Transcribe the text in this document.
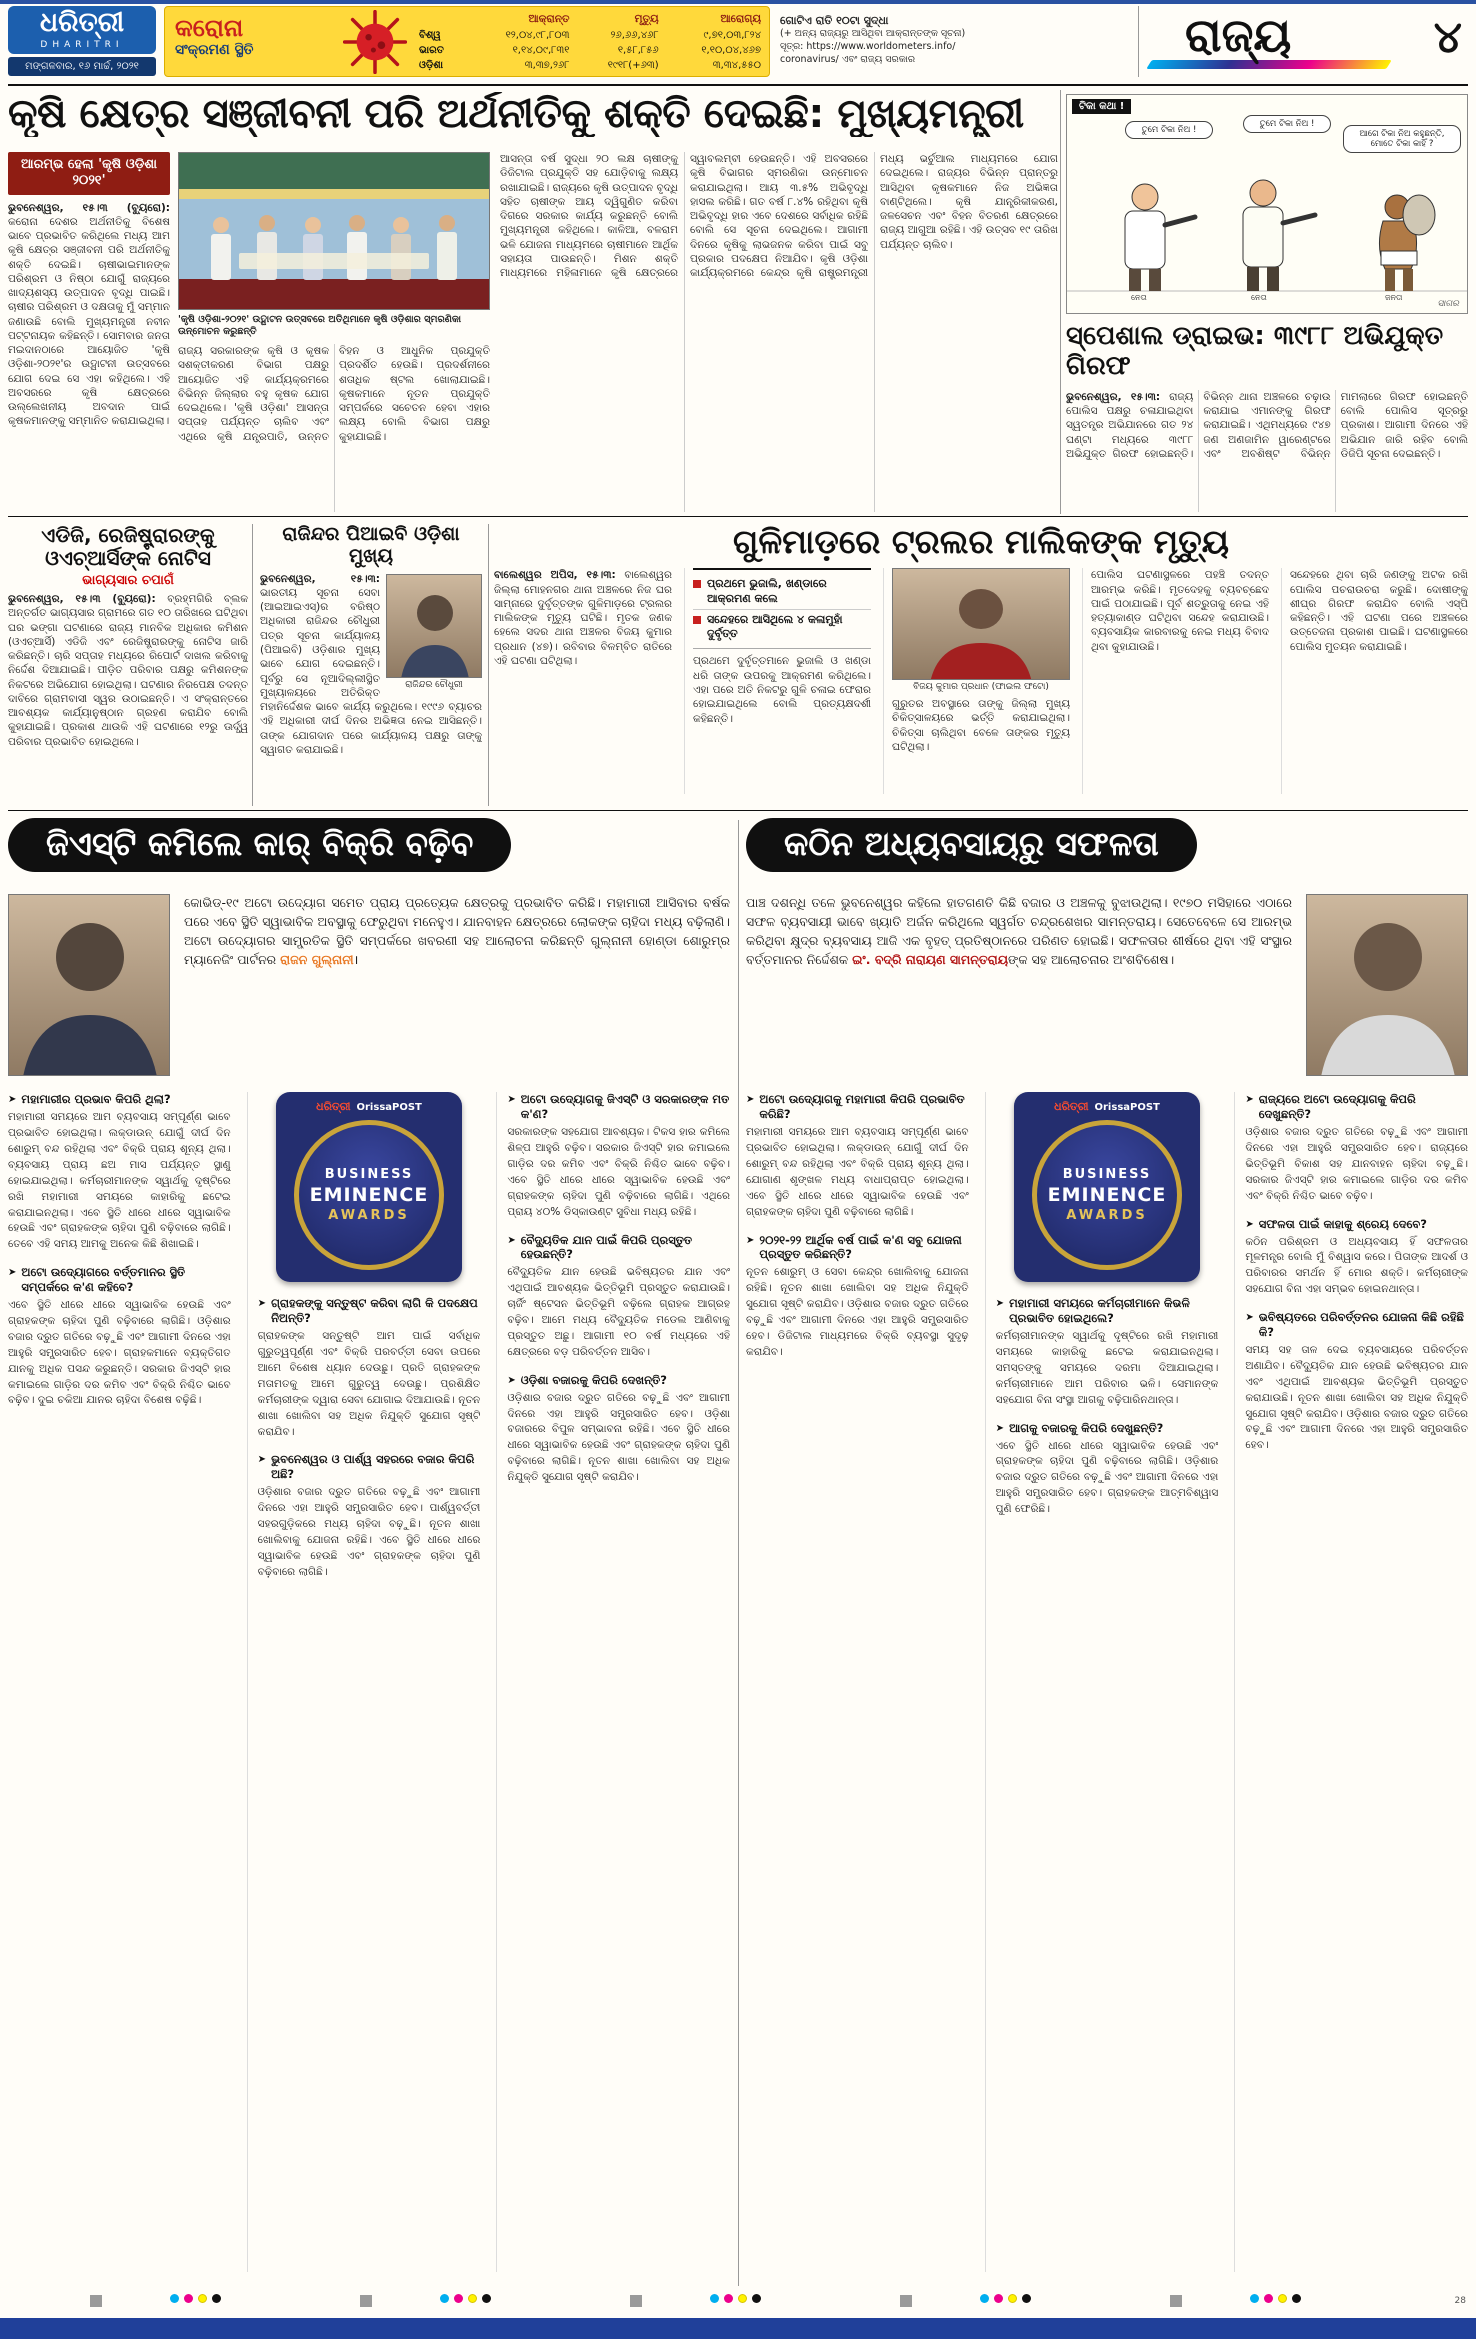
ଧରିତ୍ରୀ
DHARITRI
ମଙ୍ଗଳବାର, ୧୬ ମାର୍ଚ୍ଚ, ୨୦୨୧
କରୋନା
ସଂକ୍ରମଣ ସ୍ଥିତି
	ଆକ୍ରାନ୍ତ	ମୃତ୍ୟୁ	ଆରୋଗ୍ୟ
ବିଶ୍ୱ	୧୨,୦୪,୯୮,୮୦୩	୨୬,୬୬,୪୬୮	୯,୭୧,୦୩,୮୨୪
ଭାରତ	୧,୧୪,୦୯,୮୩୧	୧,୫୮,୮୫୬	୧,୧୦,୦୪,୪୬୭
ଓଡ଼ିଶା	୩,୩୭,୨୬୮	୧୯୧୮(+୬୩)	୩,୩୪,୫୫୦
ଗୋଟିଏ ରାତି ୧୦ଟା ସୁଦ୍ଧା
(+ ଅନ୍ୟ ରାଜ୍ୟରୁ ଆସିଥିବା ଆକ୍ରାନ୍ତଙ୍କ ସୂଚନା)
ସୂତ୍ର: https://www.worldometers.info/
coronavirus/ ଏବଂ ରାଜ୍ୟ ସରକାର	ରାଜ୍ୟ	୪
କୃଷି କ୍ଷେତ୍ର ସଞ୍ଜୀବନୀ ପରି ଅର୍ଥନୀତିକୁ ଶକ୍ତି ଦେଇଛି: ମୁଖ୍ୟମନ୍ତ୍ରୀ
ଆରମ୍ଭ ହେଲା 'କୃଷି ଓଡ଼ିଶା ୨୦୨୧'

ଭୁବନେଶ୍ୱର, ୧୫।୩ (ବ୍ୟୁରୋ): କରୋନା ଦେଶର ଅର୍ଥନୀତିକୁ ବିଶେଷ ଭାବେ ପ୍ରଭାବିତ କରିଥିଲେ ମଧ୍ୟ ଆମ କୃଷି କ୍ଷେତ୍ର ସଞ୍ଜୀବନୀ ପରି ଅର୍ଥନୀତିକୁ ଶକ୍ତି ଦେଇଛି। ଚାଷୀଭାଇମାନଙ୍କ ପରିଶ୍ରମ ଓ ନିଷ୍ଠା ଯୋଗୁଁ ରାଜ୍ୟରେ ଖାଦ୍ୟଶସ୍ୟ ଉତ୍ପାଦନ ବୃଦ୍ଧି ପାଇଛି। ଚାଷୀର ପରିଶ୍ରମ ଓ ଦକ୍ଷତାକୁ ମୁଁ ସମ୍ମାନ ଜଣାଉଛି ବୋଲି ମୁଖ୍ୟମନ୍ତ୍ରୀ ନବୀନ ପଟ୍ଟନାୟକ କହିଛନ୍ତି। ସୋମବାର ଜନତା ମଇଦାନଠାରେ ଆୟୋଜିତ 'କୃଷି ଓଡ଼ିଶା-୨୦୨୧'ର ଉଦ୍ଘାଟନୀ ଉତ୍ସବରେ ଯୋଗ ଦେଇ ସେ ଏହା କହିଥିଲେ। ଏହି ଅବସରରେ କୃଷି କ୍ଷେତ୍ରରେ ଉଲ୍ଲେଖନୀୟ ଅବଦାନ ପାଇଁ କୃଷକମାନଙ୍କୁ ସମ୍ମାନିତ କରାଯାଇଥିଲା।

'କୃଷି ଓଡ଼ିଶା-୨୦୨୧' ଉଦ୍ଘାଟନ ଉତ୍ସବରେ ଅତିଥିମାନେ କୃଷି ଓଡ଼ିଶାର ସ୍ମରଣିକା ଉନ୍ମୋଚନ କରୁଛନ୍ତି
ରାଜ୍ୟ ସରକାରଙ୍କ କୃଷି ଓ କୃଷକ ସଶକ୍ତୀକରଣ ବିଭାଗ ପକ୍ଷରୁ ଆୟୋଜିତ ଏହି କାର୍ଯ୍ୟକ୍ରମରେ ବିଭିନ୍ନ ଜିଲ୍ଲାର ବହୁ କୃଷକ ଯୋଗ ଦେଇଥିଲେ। 'କୃଷି ଓଡ଼ିଶା' ଆସନ୍ତା ସପ୍ତାହ ପର୍ଯ୍ୟନ୍ତ ଚାଲିବ ଏବଂ ଏଥିରେ କୃଷି ଯନ୍ତ୍ରପାତି, ଉନ୍ନତ ବିହନ ଓ ଆଧୁନିକ ପ୍ରଯୁକ୍ତି ପ୍ରଦର୍ଶିତ ହେଉଛି। ପ୍ରଦର୍ଶନୀରେ ଶତାଧିକ ଷ୍ଟଲ ଖୋଲାଯାଇଛି। କୃଷକମାନେ ନୂତନ ପ୍ରଯୁକ୍ତି ସମ୍ପର୍କରେ ସଚେତନ ହେବା ଏହାର ଲକ୍ଷ୍ୟ ବୋଲି ବିଭାଗ ପକ୍ଷରୁ କୁହାଯାଇଛି।
ଆସନ୍ତା ବର୍ଷ ସୁଦ୍ଧା ୨୦ ଲକ୍ଷ ଚାଷୀଙ୍କୁ ଡିଜିଟାଲ ପ୍ରଯୁକ୍ତି ସହ ଯୋଡ଼ିବାକୁ ଲକ୍ଷ୍ୟ ରଖାଯାଇଛି। ରାଜ୍ୟରେ କୃଷି ଉତ୍ପାଦନ ବୃଦ୍ଧି ସହିତ ଚାଷୀଙ୍କ ଆୟ ଦ୍ୱିଗୁଣିତ କରିବା ଦିଗରେ ସରକାର କାର୍ଯ୍ୟ କରୁଛନ୍ତି ବୋଲି ମୁଖ୍ୟମନ୍ତ୍ରୀ କହିଥିଲେ। କାଳିଆ, ବଳରାମ ଭଳି ଯୋଜନା ମାଧ୍ୟମରେ ଚାଷୀମାନେ ଆର୍ଥିକ ସହାୟତା ପାଉଛନ୍ତି। ମିଶନ ଶକ୍ତି ମାଧ୍ୟମରେ ମହିଳାମାନେ କୃଷି କ୍ଷେତ୍ରରେ ସ୍ୱାବଲମ୍ବୀ ହେଉଛନ୍ତି। ଏହି ଅବସରରେ କୃଷି ବିଭାଗର ସ୍ମରଣିକା ଉନ୍ମୋଚନ କରାଯାଇଥିଲା। ଆୟ ୩.୫% ଅଭିବୃଦ୍ଧି ହାସଲ କରିଛି। ଗତ ବର୍ଷ ୮.୪% ରହିଥିବା କୃଷି ଅଭିବୃଦ୍ଧି ହାର ଏବେ ଦେଶରେ ସର୍ବାଧିକ ରହିଛି ବୋଲି ସେ ସୂଚନା ଦେଇଥିଲେ। ଆଗାମୀ ଦିନରେ କୃଷିକୁ ଲାଭଜନକ କରିବା ପାଇଁ ସବୁ ପ୍ରକାର ପଦକ୍ଷେପ ନିଆଯିବ। କୃଷି ଓଡ଼ିଶା କାର୍ଯ୍ୟକ୍ରମରେ କେନ୍ଦ୍ର କୃଷି ରାଷ୍ଟ୍ରମନ୍ତ୍ରୀ ମଧ୍ୟ ଭର୍ଚୁଆଲ ମାଧ୍ୟମରେ ଯୋଗ ଦେଇଥିଲେ। ରାଜ୍ୟର ବିଭିନ୍ନ ପ୍ରାନ୍ତରୁ ଆସିଥିବା କୃଷକମାନେ ନିଜ ଅଭିଜ୍ଞତା ବାଣ୍ଟିଥିଲେ। କୃଷି ଯାନ୍ତ୍ରିକୀକରଣ, ଜଳସେଚନ ଏବଂ ବିହନ ବିତରଣ କ୍ଷେତ୍ରରେ ରାଜ୍ୟ ଆଗୁଆ ରହିଛି। ଏହି ଉତ୍ସବ ୧୯ ତାରିଖ ପର୍ଯ୍ୟନ୍ତ ଚାଲିବ।
ଟିକା କଥା !
ତୁମେ ଟିକା ନିଅ !
ତୁମେ ଟିକା ନିଅ !
ଆଗେ ଟିକା ନିଅ କହୁଛନ୍ତି, ମୋତେ ଟିକା କାହିଁ ?
ନେତା	ନେତା	ଜନତା
ସାଗର
ସ୍ପେଶାଲ ଡ୍ରାଇଭ: ୩୯୮୮ ଅଭିଯୁକ୍ତ ଗିରଫ
ଭୁବନେଶ୍ୱର, ୧୫।୩: ରାଜ୍ୟ ପୋଲିସ ପକ୍ଷରୁ ଚଳାଯାଇଥିବା ସ୍ୱତନ୍ତ୍ର ଅଭିଯାନରେ ଗତ ୨୪ ଘଣ୍ଟା ମଧ୍ୟରେ ୩୯୮୮ ଅଭିଯୁକ୍ତ ଗିରଫ ହୋଇଛନ୍ତି। ବିଭିନ୍ନ ଥାନା ଅଞ୍ଚଳରେ ଚଢ଼ାଉ କରାଯାଇ ଏମାନଙ୍କୁ ଗିରଫ କରାଯାଇଛି। ଏଥିମଧ୍ୟରେ ୯୪୭ ଜଣ ଅଣଜାମିନ ୱାରେଣ୍ଟରେ ଏବଂ ଅବଶିଷ୍ଟ ବିଭିନ୍ନ ମାମଲାରେ ଗିରଫ ହୋଇଛନ୍ତି ବୋଲି ପୋଲିସ ସୂତ୍ରରୁ ପ୍ରକାଶ। ଆଗାମୀ ଦିନରେ ଏହି ଅଭିଯାନ ଜାରି ରହିବ ବୋଲି ଡିଜିପି ସୂଚନା ଦେଇଛନ୍ତି।
ଏଡିଜି, ରେଜିଷ୍ଟ୍ରାରଙ୍କୁ ଓଏଚ୍ଆର୍ସିଙ୍କ ନୋଟିସ
ଭାଗ୍ୟସାର ଚପାଗଁ

ଭୁବନେଶ୍ୱର, ୧୫।୩ (ବ୍ୟୁରୋ): ବ୍ରହ୍ମଗିରି ବ୍ଲକ ଅନ୍ତର୍ଗତ ଭାଗ୍ୟସାର ଗ୍ରାମରେ ଗତ ୧୦ ତାରିଖରେ ଘଟିଥିବା ଘର ଭଙ୍ଗା ଘଟଣାରେ ରାଜ୍ୟ ମାନବିକ ଅଧିକାର କମିଶନ (ଓଏଚ୍ଆର୍ସି) ଏଡିଜି ଏବଂ ରେଜିଷ୍ଟ୍ରାରଙ୍କୁ ନୋଟିସ ଜାରି କରିଛନ୍ତି। ଚାରି ସପ୍ତାହ ମଧ୍ୟରେ ରିପୋର୍ଟ ଦାଖଲ କରିବାକୁ ନିର୍ଦ୍ଦେଶ ଦିଆଯାଇଛି। ପୀଡ଼ିତ ପରିବାର ପକ୍ଷରୁ କମିଶନଙ୍କ ନିକଟରେ ଅଭିଯୋଗ ହୋଇଥିଲା। ଘଟଣାର ନିରପେକ୍ଷ ତଦନ୍ତ ଦାବିରେ ଗ୍ରାମବାସୀ ସ୍ୱର ଉଠାଇଛନ୍ତି। ଏ ସଂକ୍ରାନ୍ତରେ ଆବଶ୍ୟକ କାର୍ଯ୍ୟାନୁଷ୍ଠାନ ଗ୍ରହଣ କରାଯିବ ବୋଲି କୁହାଯାଇଛି। ପ୍ରକାଶ ଥାଉକି ଏହି ଘଟଣାରେ ୧୨ରୁ ଊର୍ଦ୍ଧ୍ୱ ପରିବାର ପ୍ରଭାବିତ ହୋଇଥିଲେ।

ରାଜିନ୍ଦର ପିଆଇବି ଓଡ଼ିଶା ମୁଖ୍ୟ
ରାଜିନ୍ଦର ଚୌଧୁରୀ

ଭୁବନେଶ୍ୱର, ୧୫।୩: ଭାରତୀୟ ସୂଚନା ସେବା (ଆଇଆଇଏସ୍)ର ବରିଷ୍ଠ ଅଧିକାରୀ ରାଜିନ୍ଦର ଚୌଧୁରୀ ପତ୍ର ସୂଚନା କାର୍ଯ୍ୟାଳୟ (ପିଆଇବି) ଓଡ଼ିଶାର ମୁଖ୍ୟ ଭାବେ ଯୋଗ ଦେଇଛନ୍ତି। ପୂର୍ବରୁ ସେ ନୂଆଦିଲ୍ଲୀସ୍ଥିତ ମୁଖ୍ୟାଳୟରେ ଅତିରିକ୍ତ ମହାନିର୍ଦ୍ଦେଶକ ଭାବେ କାର୍ଯ୍ୟ କରୁଥିଲେ। ୧୯୯୬ ବ୍ୟାଚର ଏହି ଅଧିକାରୀ ଦୀର୍ଘ ଦିନର ଅଭିଜ୍ଞତା ନେଇ ଆସିଛନ୍ତି। ତାଙ୍କ ଯୋଗଦାନ ପରେ କାର୍ଯ୍ୟାଳୟ ପକ୍ଷରୁ ତାଙ୍କୁ ସ୍ୱାଗତ କରାଯାଇଛି।

ଗୁଳିମାଡ଼ରେ ଟ୍ରଲର ମାଲିକଙ୍କ ମୃତ୍ୟୁ

ବାଲେଶ୍ୱର ଅପିସ, ୧୫।୩: ବାଲେଶ୍ୱର ଜିଲ୍ଲା ମୋହନଗର ଥାନା ଅଞ୍ଚଳରେ ନିଜ ଘର ସାମ୍ନାରେ ଦୁର୍ବୃତ୍ତଙ୍କ ଗୁଳିମାଡ଼ରେ ଟ୍ରଲର ମାଲିକଙ୍କ ମୃତ୍ୟୁ ଘଟିଛି। ମୃତକ ଜଣକ ହେଲେ ସଦର ଥାନା ଅଞ୍ଚଳର ବିଜୟ କୁମାର ପ୍ରଧାନ (୪୭)। ରବିବାର ବିଳମ୍ବିତ ରାତିରେ ଏହି ଘଟଣା ଘଟିଥିଲା।

ପ୍ରଥମେ ଭୁଜାଲି, ଖଣ୍ଡାରେ ଆକ୍ରମଣ କଲେ
ସନ୍ଦେହରେ ଆସିଥିଲେ ୪ କଳାମୁହାଁ ଦୁର୍ବୃତ୍ତ

ପ୍ରଥମେ ଦୁର୍ବୃତ୍ତମାନେ ଭୁଜାଲି ଓ ଖଣ୍ଡା ଧରି ତାଙ୍କ ଉପରକୁ ଆକ୍ରମଣ କରିଥିଲେ। ଏହା ପରେ ଅତି ନିକଟରୁ ଗୁଳି ଚଳାଇ ଫେରାର ହୋଇଯାଇଥିଲେ ବୋଲି ପ୍ରତ୍ୟକ୍ଷଦର୍ଶୀ କହିଛନ୍ତି।

ବିଜୟ କୁମାର ପ୍ରଧାନ (ଫାଇଲ ଫଟୋ)

ଗୁରୁତର ଅବସ୍ଥାରେ ତାଙ୍କୁ ଜିଲ୍ଲା ମୁଖ୍ୟ ଚିକିତ୍ସାଳୟରେ ଭର୍ତ୍ତି କରାଯାଇଥିଲା। ଚିକିତ୍ସା ଚାଲିଥିବା ବେଳେ ତାଙ୍କର ମୃତ୍ୟୁ ଘଟିଥିଲା।

ପୋଲିସ ଘଟଣାସ୍ଥଳରେ ପହଞ୍ଚି ତଦନ୍ତ ଆରମ୍ଭ କରିଛି। ମୃତଦେହକୁ ବ୍ୟବଚ୍ଛେଦ ପାଇଁ ପଠାଯାଇଛି। ପୂର୍ବ ଶତ୍ରୁତାକୁ ନେଇ ଏହି ହତ୍ୟାକାଣ୍ଡ ଘଟିଥିବା ସନ୍ଦେହ କରାଯାଉଛି। ବ୍ୟବସାୟିକ କାରବାରକୁ ନେଇ ମଧ୍ୟ ବିବାଦ ଥିବା କୁହାଯାଉଛି।

ସନ୍ଦେହରେ ଥିବା ଚାରି ଜଣଙ୍କୁ ଅଟକ ରଖି ପୋଲିସ ପଚରାଉଚରା କରୁଛି। ଦୋଷୀଙ୍କୁ ଶୀଘ୍ର ଗିରଫ କରାଯିବ ବୋଲି ଏସ୍ପି କହିଛନ୍ତି। ଏହି ଘଟଣା ପରେ ଅଞ୍ଚଳରେ ଉତ୍ତେଜନା ପ୍ରକାଶ ପାଇଛି। ଘଟଣାସ୍ଥଳରେ ପୋଲିସ ମୁତୟନ କରାଯାଇଛି।

ଜିଏସ୍ଟି କମିଲେ କାର୍ ବିକ୍ରି ବଢ଼ିବ

କୋଭିଡ୍-୧୯ ଅଟୋ ଉଦ୍ୟୋଗ ସମେତ ପ୍ରାୟ ପ୍ରତ୍ୟେକ କ୍ଷେତ୍ରକୁ ପ୍ରଭାବିତ କରିଛି। ମହାମାରୀ ଆସିବାର ବର୍ଷକ ପରେ ଏବେ ସ୍ଥିତି ସ୍ୱାଭାବିକ ଅବସ୍ଥାକୁ ଫେରୁଥିବା ମନେହୁଏ। ଯାନବାହନ କ୍ଷେତ୍ରରେ ଲୋକଙ୍କ ଚାହିଦା ମଧ୍ୟ ବଢ଼ିଲାଣି। ଅଟୋ ଉଦ୍ୟୋଗର ସାମ୍ପ୍ରତିକ ସ୍ଥିତି ସମ୍ପର୍କରେ ଖବରଣୀ ସହ ଆଲୋଚନା କରିଛନ୍ତି ଗୁଲ୍ନାନୀ ହୋଣ୍ଡା ଶୋରୁମ୍‌ର ମ୍ୟାନେଜିଂ ପାର୍ଟନର ରାଜନ ଗୁଲ୍ନାନୀ।

➤ ମହାମାରୀର ପ୍ରଭାବ କିପରି ଥିଲା?

ମହାମାରୀ ସମୟରେ ଆମ ବ୍ୟବସାୟ ସମ୍ପୂର୍ଣ୍ଣ ଭାବେ ପ୍ରଭାବିତ ହୋଇଥିଲା। ଲକ୍‌ଡାଉନ୍ ଯୋଗୁଁ ଦୀର୍ଘ ଦିନ ଶୋରୁମ୍ ବନ୍ଦ ରହିଥିଲା ଏବଂ ବିକ୍ରି ପ୍ରାୟ ଶୂନ୍ୟ ଥିଲା। ବ୍ୟବସାୟ ପ୍ରାୟ ଛଅ ମାସ ପର୍ଯ୍ୟନ୍ତ ସ୍ଥାଣୁ ହୋଇଯାଇଥିଲା। କର୍ମଚାରୀମାନଙ୍କ ସ୍ୱାର୍ଥକୁ ଦୃଷ୍ଟିରେ ରଖି ମହାମାରୀ ସମୟରେ କାହାରିକୁ ଛଟେଇ କରାଯାଇନଥିଲା। ଏବେ ସ୍ଥିତି ଧୀରେ ଧୀରେ ସ୍ୱାଭାବିକ ହେଉଛି ଏବଂ ଗ୍ରାହକଙ୍କ ଚାହିଦା ପୁଣି ବଢ଼ିବାରେ ଲାଗିଛି। ତେବେ ଏହି ସମୟ ଆମକୁ ଅନେକ କିଛି ଶିଖାଇଛି।

➤ ଅଟୋ ଉଦ୍ୟୋଗରେ ବର୍ତ୍ତମାନର ସ୍ଥିତି ସମ୍ପର୍କରେ କ'ଣ କହିବେ?

ଏବେ ସ୍ଥିତି ଧୀରେ ଧୀରେ ସ୍ୱାଭାବିକ ହେଉଛି ଏବଂ ଗ୍ରାହକଙ୍କ ଚାହିଦା ପୁଣି ବଢ଼ିବାରେ ଲାଗିଛି। ଓଡ଼ିଶାର ବଜାର ଦ୍ରୁତ ଗତିରେ ବଢ଼ୁଛି ଏବଂ ଆଗାମୀ ଦିନରେ ଏହା ଆହୁରି ସମ୍ପ୍ରସାରିତ ହେବ। ଗ୍ରାହକମାନେ ବ୍ୟକ୍ତିଗତ ଯାନକୁ ଅଧିକ ପସନ୍ଦ କରୁଛନ୍ତି। ସରକାର ଜିଏସ୍ଟି ହାର କମାଇଲେ ଗାଡ଼ିର ଦର କମିବ ଏବଂ ବିକ୍ରି ନିଶ୍ଚିତ ଭାବେ ବଢ଼ିବ। ଦୁଇ ଚକିଆ ଯାନର ଚାହିଦା ବିଶେଷ ବଢ଼ିଛି।

ଧରିତ୍ରୀ OrissaPOST
BUSINESS
EMINENCE
AWARDS
➤ ଗ୍ରାହକଙ୍କୁ ସନ୍ତୁଷ୍ଟ କରିବା ଲାଗି କି ପଦକ୍ଷେପ ନିଅନ୍ତି?

ଗ୍ରାହକଙ୍କ ସନ୍ତୁଷ୍ଟି ଆମ ପାଇଁ ସର୍ବାଧିକ ଗୁରୁତ୍ୱପୂର୍ଣ୍ଣ ଏବଂ ବିକ୍ରି ପରବର୍ତ୍ତୀ ସେବା ଉପରେ ଆମେ ବିଶେଷ ଧ୍ୟାନ ଦେଉଛୁ। ପ୍ରତି ଗ୍ରାହକଙ୍କ ମତାମତକୁ ଆମେ ଗୁରୁତ୍ୱ ଦେଉଛୁ। ପ୍ରଶିକ୍ଷିତ କର୍ମଚାରୀଙ୍କ ଦ୍ୱାରା ସେବା ଯୋଗାଇ ଦିଆଯାଉଛି। ନୂତନ ଶାଖା ଖୋଲିବା ସହ ଅଧିକ ନିଯୁକ୍ତି ସୁଯୋଗ ସୃଷ୍ଟି କରାଯିବ।

➤ ଭୁବନେଶ୍ୱର ଓ ପାର୍ଶ୍ୱ ସହରରେ ବଜାର କିପରି ଅଛି?

ଓଡ଼ିଶାର ବଜାର ଦ୍ରୁତ ଗତିରେ ବଢ଼ୁଛି ଏବଂ ଆଗାମୀ ଦିନରେ ଏହା ଆହୁରି ସମ୍ପ୍ରସାରିତ ହେବ। ପାର୍ଶ୍ୱବର୍ତ୍ତୀ ସହରଗୁଡ଼ିକରେ ମଧ୍ୟ ଚାହିଦା ବଢ଼ୁଛି। ନୂତନ ଶାଖା ଖୋଲିବାକୁ ଯୋଜନା ରହିଛି। ଏବେ ସ୍ଥିତି ଧୀରେ ଧୀରେ ସ୍ୱାଭାବିକ ହେଉଛି ଏବଂ ଗ୍ରାହକଙ୍କ ଚାହିଦା ପୁଣି ବଢ଼ିବାରେ ଲାଗିଛି।

➤ ଅଟୋ ଉଦ୍ୟୋଗକୁ ଜିଏସ୍ଟି ଓ ସରକାରଙ୍କ ମତ କ'ଣ?

ସରକାରଙ୍କ ସହଯୋଗ ଆବଶ୍ୟକ। ଟିକସ ହାର କମିଲେ ଶିଳ୍ପ ଆହୁରି ବଢ଼ିବ। ସରକାର ଜିଏସ୍ଟି ହାର କମାଇଲେ ଗାଡ଼ିର ଦର କମିବ ଏବଂ ବିକ୍ରି ନିଶ୍ଚିତ ଭାବେ ବଢ଼ିବ। ଏବେ ସ୍ଥିତି ଧୀରେ ଧୀରେ ସ୍ୱାଭାବିକ ହେଉଛି ଏବଂ ଗ୍ରାହକଙ୍କ ଚାହିଦା ପୁଣି ବଢ଼ିବାରେ ଲାଗିଛି। ଏଥିରେ ପ୍ରାୟ ୪୦% ଡିସ୍କାଉଣ୍ଟ ସୁବିଧା ମଧ୍ୟ ରହିଛି।

➤ ବୈଦ୍ୟୁତିକ ଯାନ ପାଇଁ କିପରି ପ୍ରସ୍ତୁତ ହେଉଛନ୍ତି?

ବୈଦ୍ୟୁତିକ ଯାନ ହେଉଛି ଭବିଷ୍ୟତର ଯାନ ଏବଂ ଏଥିପାଇଁ ଆବଶ୍ୟକ ଭିତ୍ତିଭୂମି ପ୍ରସ୍ତୁତ କରାଯାଉଛି। ଚାର୍ଜିଂ ଷ୍ଟେସନ ଭିତ୍ତିଭୂମି ବଢ଼ିଲେ ଗ୍ରାହକ ଆଗ୍ରହ ବଢ଼ିବ। ଆମେ ମଧ୍ୟ ବୈଦ୍ୟୁତିକ ମଡେଲ ଆଣିବାକୁ ପ୍ରସ୍ତୁତ ଅଛୁ। ଆଗାମୀ ୧୦ ବର୍ଷ ମଧ୍ୟରେ ଏହି କ୍ଷେତ୍ରରେ ବଡ଼ ପରିବର୍ତ୍ତନ ଆସିବ।

➤ ଓଡ଼ିଶା ବଜାରକୁ କିପରି ଦେଖନ୍ତି?

ଓଡ଼ିଶାର ବଜାର ଦ୍ରୁତ ଗତିରେ ବଢ଼ୁଛି ଏବଂ ଆଗାମୀ ଦିନରେ ଏହା ଆହୁରି ସମ୍ପ୍ରସାରିତ ହେବ। ଓଡ଼ିଶା ବଜାରରେ ବିପୁଳ ସମ୍ଭାବନା ରହିଛି। ଏବେ ସ୍ଥିତି ଧୀରେ ଧୀରେ ସ୍ୱାଭାବିକ ହେଉଛି ଏବଂ ଗ୍ରାହକଙ୍କ ଚାହିଦା ପୁଣି ବଢ଼ିବାରେ ଲାଗିଛି। ନୂତନ ଶାଖା ଖୋଲିବା ସହ ଅଧିକ ନିଯୁକ୍ତି ସୁଯୋଗ ସୃଷ୍ଟି କରାଯିବ।

କଠିନ ଅଧ୍ୟବସାୟରୁ ସଫଳତା

ପାଞ୍ଚ ଦଶନ୍ଧି ତଳେ ଭୁବନେଶ୍ୱର କହିଲେ ହାତଗଣତି କିଛି ବଜାର ଓ ଅଞ୍ଚଳକୁ ବୁଝାଉଥିଲା। ୧୯୭୦ ମସିହାରେ ଏଠାରେ ସଫଳ ବ୍ୟବସାୟୀ ଭାବେ ଖ୍ୟାତି ଅର୍ଜନ କରିଥିଲେ ସ୍ୱର୍ଗତ ଚନ୍ଦ୍ରଶେଖର ସାମନ୍ତରାୟ। ସେତେବେଳେ ସେ ଆରମ୍ଭ କରିଥିବା କ୍ଷୁଦ୍ର ବ୍ୟବସାୟ ଆଜି ଏକ ବୃହତ୍ ପ୍ରତିଷ୍ଠାନରେ ପରିଣତ ହୋଇଛି। ସଫଳତାର ଶୀର୍ଷରେ ଥିବା ଏହି ସଂସ୍ଥାର ବର୍ତ୍ତମାନର ନିର୍ଦ୍ଦେଶକ ଇଂ. ବଦ୍ରି ନାରାୟଣ ସାମନ୍ତରାୟଙ୍କ ସହ ଆଲୋଚନାର ଅଂଶବିଶେଷ।

➤ ଅଟୋ ଉଦ୍ୟୋଗକୁ ମହାମାରୀ କିପରି ପ୍ରଭାବିତ କରିଛି?

ମହାମାରୀ ସମୟରେ ଆମ ବ୍ୟବସାୟ ସମ୍ପୂର୍ଣ୍ଣ ଭାବେ ପ୍ରଭାବିତ ହୋଇଥିଲା। ଲକ୍‌ଡାଉନ୍ ଯୋଗୁଁ ଦୀର୍ଘ ଦିନ ଶୋରୁମ୍ ବନ୍ଦ ରହିଥିଲା ଏବଂ ବିକ୍ରି ପ୍ରାୟ ଶୂନ୍ୟ ଥିଲା। ଯୋଗାଣ ଶୃଙ୍ଖଳ ମଧ୍ୟ ବାଧାପ୍ରାପ୍ତ ହୋଇଥିଲା। ଏବେ ସ୍ଥିତି ଧୀରେ ଧୀରେ ସ୍ୱାଭାବିକ ହେଉଛି ଏବଂ ଗ୍ରାହକଙ୍କ ଚାହିଦା ପୁଣି ବଢ଼ିବାରେ ଲାଗିଛି।

➤ ୨୦୨୧-୨୨ ଆର୍ଥିକ ବର୍ଷ ପାଇଁ କ'ଣ ସବୁ ଯୋଜନା ପ୍ରସ୍ତୁତ କରିଛନ୍ତି?

ନୂତନ ଶୋରୁମ୍ ଓ ସେବା କେନ୍ଦ୍ର ଖୋଲିବାକୁ ଯୋଜନା ରହିଛି। ନୂତନ ଶାଖା ଖୋଲିବା ସହ ଅଧିକ ନିଯୁକ୍ତି ସୁଯୋଗ ସୃଷ୍ଟି କରାଯିବ। ଓଡ଼ିଶାର ବଜାର ଦ୍ରୁତ ଗତିରେ ବଢ଼ୁଛି ଏବଂ ଆଗାମୀ ଦିନରେ ଏହା ଆହୁରି ସମ୍ପ୍ରସାରିତ ହେବ। ଡିଜିଟାଲ ମାଧ୍ୟମରେ ବିକ୍ରି ବ୍ୟବସ୍ଥା ସୁଦୃଢ଼ କରାଯିବ।

ଧରିତ୍ରୀ OrissaPOST
BUSINESS
EMINENCE
AWARDS
➤ ମହାମାରୀ ସମୟରେ କର୍ମଚାରୀମାନେ କିଭଳି ପ୍ରଭାବିତ ହୋଇଥିଲେ?

କର୍ମଚାରୀମାନଙ୍କ ସ୍ୱାର୍ଥକୁ ଦୃଷ୍ଟିରେ ରଖି ମହାମାରୀ ସମୟରେ କାହାରିକୁ ଛଟେଇ କରାଯାଇନଥିଲା। ସମସ୍ତଙ୍କୁ ସମୟରେ ଦରମା ଦିଆଯାଇଥିଲା। କର୍ମଚାରୀମାନେ ଆମ ପରିବାର ଭଳି। ସେମାନଙ୍କ ସହଯୋଗ ବିନା ସଂସ୍ଥା ଆଗକୁ ବଢ଼ିପାରିନଥାନ୍ତା।

➤ ଆଗକୁ ବଜାରକୁ କିପରି ଦେଖୁଛନ୍ତି?

ଏବେ ସ୍ଥିତି ଧୀରେ ଧୀରେ ସ୍ୱାଭାବିକ ହେଉଛି ଏବଂ ଗ୍ରାହକଙ୍କ ଚାହିଦା ପୁଣି ବଢ଼ିବାରେ ଲାଗିଛି। ଓଡ଼ିଶାର ବଜାର ଦ୍ରୁତ ଗତିରେ ବଢ଼ୁଛି ଏବଂ ଆଗାମୀ ଦିନରେ ଏହା ଆହୁରି ସମ୍ପ୍ରସାରିତ ହେବ। ଗ୍ରାହକଙ୍କ ଆତ୍ମବିଶ୍ୱାସ ପୁଣି ଫେରିଛି।

➤ ରାଜ୍ୟରେ ଅଟୋ ଉଦ୍ୟୋଗକୁ କିପରି ଦେଖୁଛନ୍ତି?

ଓଡ଼ିଶାର ବଜାର ଦ୍ରୁତ ଗତିରେ ବଢ଼ୁଛି ଏବଂ ଆଗାମୀ ଦିନରେ ଏହା ଆହୁରି ସମ୍ପ୍ରସାରିତ ହେବ। ରାଜ୍ୟରେ ଭିତ୍ତିଭୂମି ବିକାଶ ସହ ଯାନବାହନ ଚାହିଦା ବଢ଼ୁଛି। ସରକାର ଜିଏସ୍ଟି ହାର କମାଇଲେ ଗାଡ଼ିର ଦର କମିବ ଏବଂ ବିକ୍ରି ନିଶ୍ଚିତ ଭାବେ ବଢ଼ିବ।

➤ ସଫଳତା ପାଇଁ କାହାକୁ ଶ୍ରେୟ ଦେବେ?

କଠିନ ପରିଶ୍ରମ ଓ ଅଧ୍ୟବସାୟ ହିଁ ସଫଳତାର ମୂଳମନ୍ତ୍ର ବୋଲି ମୁଁ ବିଶ୍ୱାସ କରେ। ପିତାଙ୍କ ଆଦର୍ଶ ଓ ପରିବାରର ସମର୍ଥନ ହିଁ ମୋର ଶକ୍ତି। କର୍ମଚାରୀଙ୍କ ସହଯୋଗ ବିନା ଏହା ସମ୍ଭବ ହୋଇନଥାନ୍ତା।

➤ ଭବିଷ୍ୟତରେ ପରିବର୍ତ୍ତନର ଯୋଜନା କିଛି ରହିଛି କି?

ସମୟ ସହ ତାଳ ଦେଇ ବ୍ୟବସାୟରେ ପରିବର୍ତ୍ତନ ଅଣାଯିବ। ବୈଦ୍ୟୁତିକ ଯାନ ହେଉଛି ଭବିଷ୍ୟତର ଯାନ ଏବଂ ଏଥିପାଇଁ ଆବଶ୍ୟକ ଭିତ୍ତିଭୂମି ପ୍ରସ୍ତୁତ କରାଯାଉଛି। ନୂତନ ଶାଖା ଖୋଲିବା ସହ ଅଧିକ ନିଯୁକ୍ତି ସୁଯୋଗ ସୃଷ୍ଟି କରାଯିବ। ଓଡ଼ିଶାର ବଜାର ଦ୍ରୁତ ଗତିରେ ବଢ଼ୁଛି ଏବଂ ଆଗାମୀ ଦିନରେ ଏହା ଆହୁରି ସମ୍ପ୍ରସାରିତ ହେବ।

28
